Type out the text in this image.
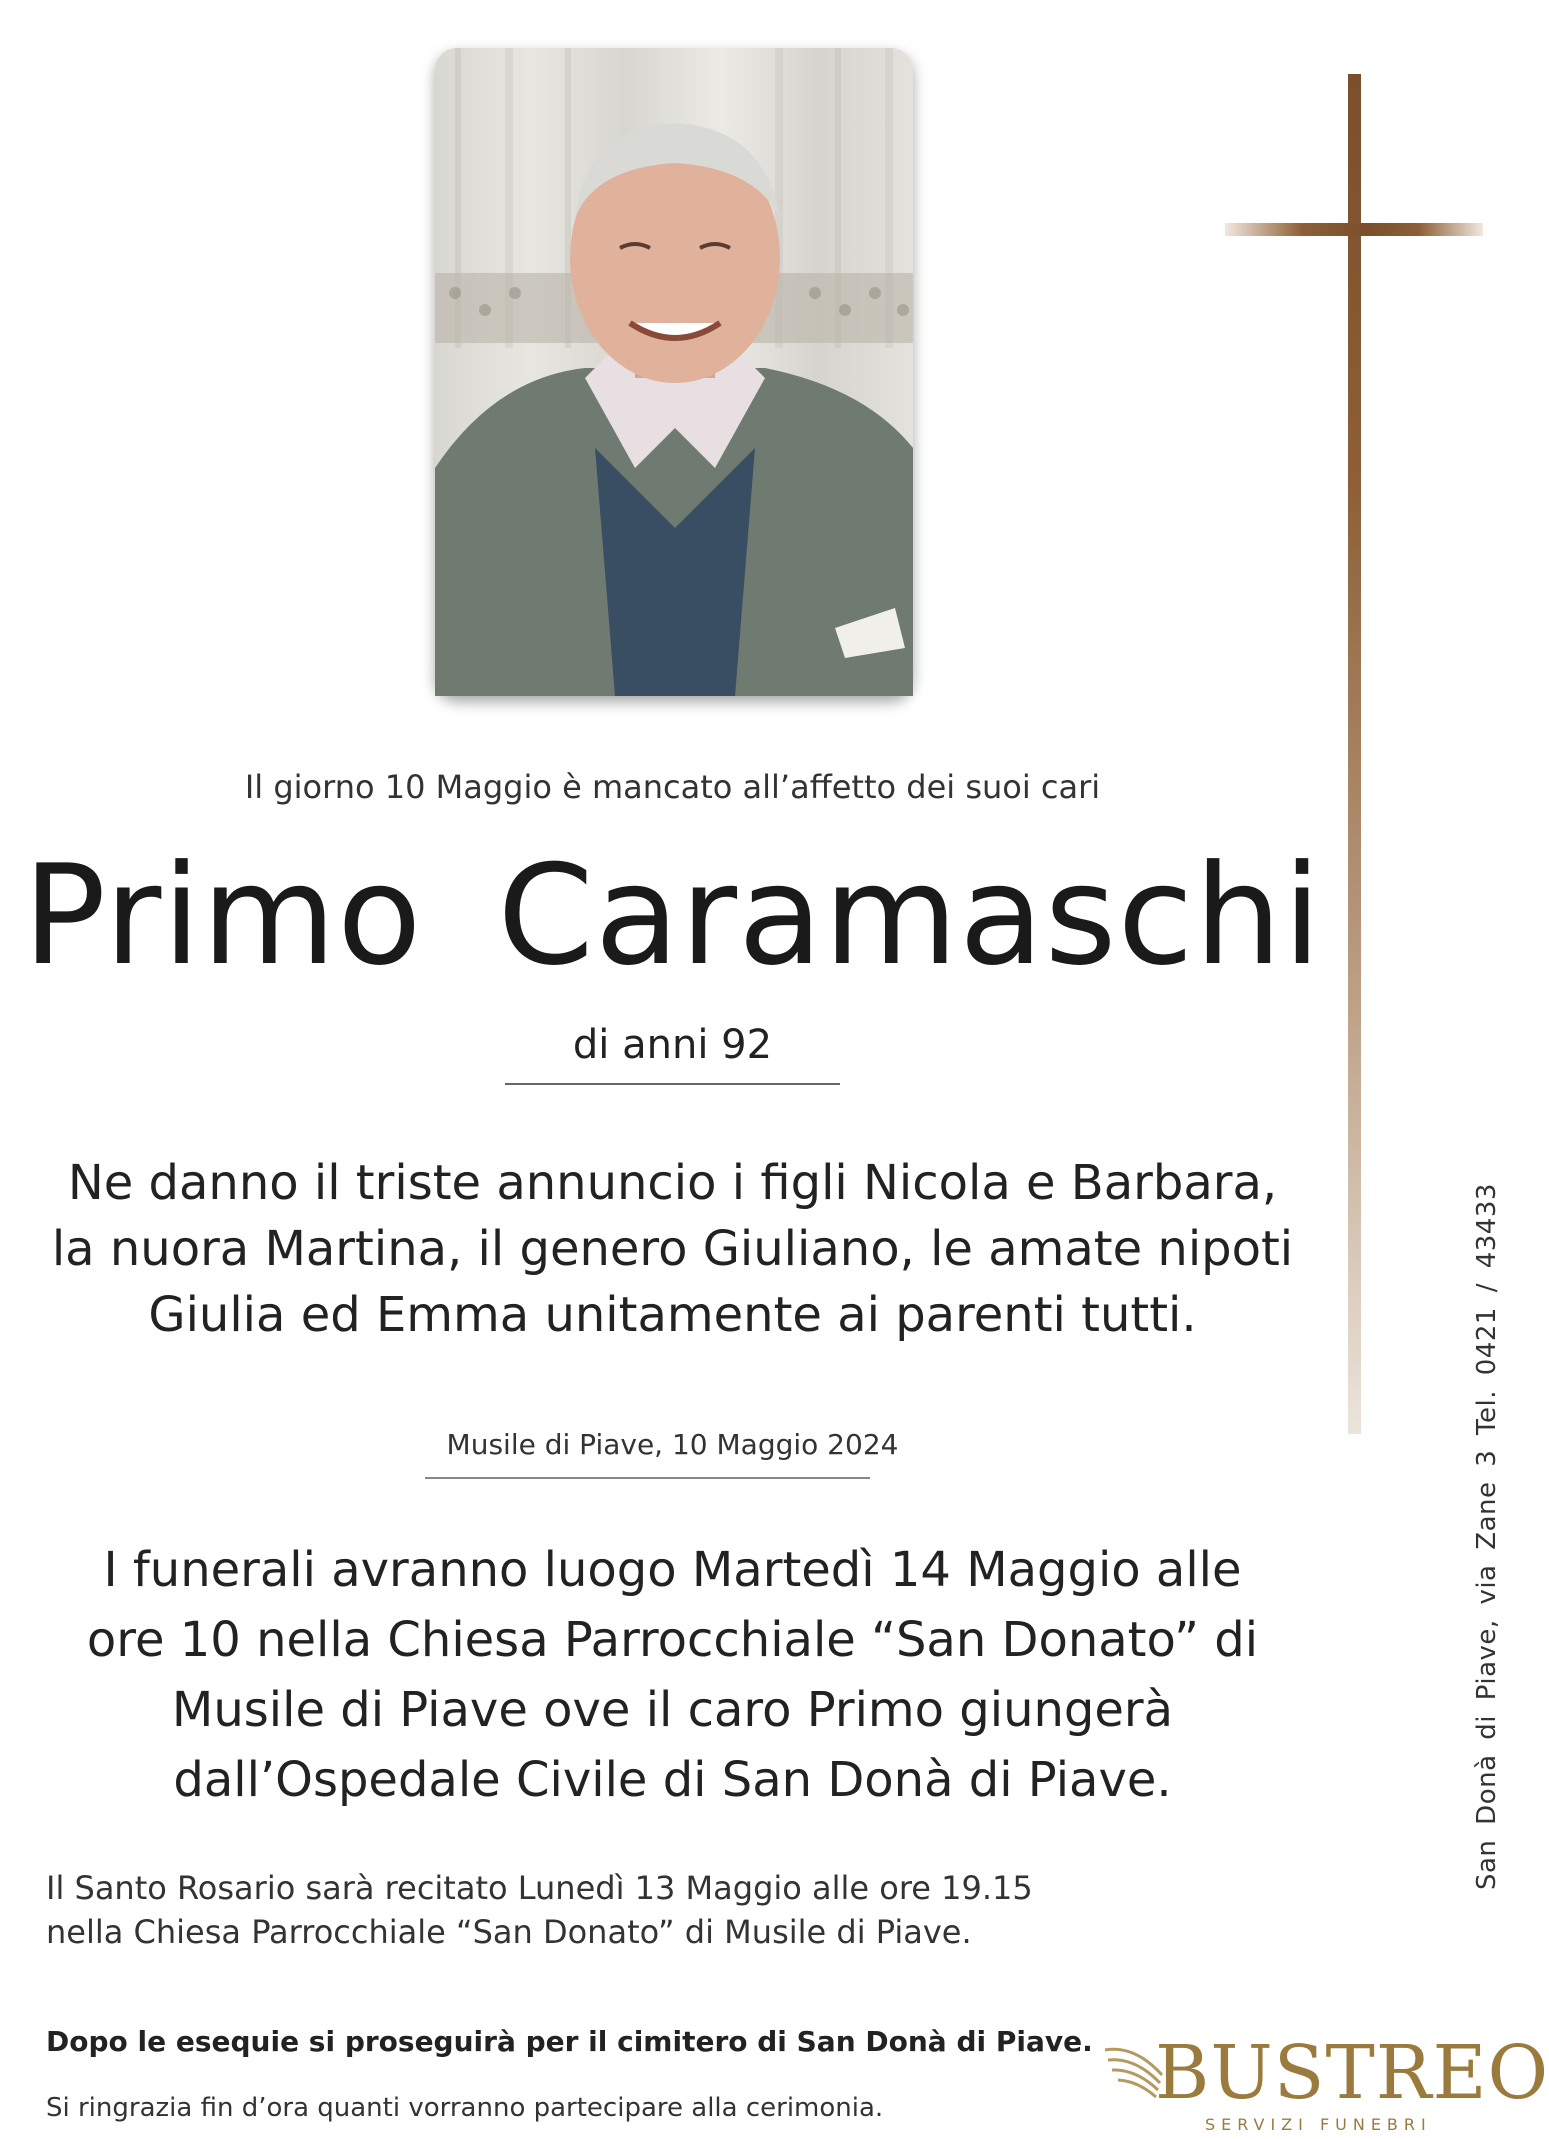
Il giorno 10 Maggio è mancato all’affetto dei suoi cari
Primo Caramaschi
di anni 92
Ne danno il triste annuncio i figli Nicola e Barbara,
la nuora Martina, il genero Giuliano, le amate nipoti
Giulia ed Emma unitamente ai parenti tutti.
Musile di Piave, 10 Maggio 2024
I funerali avranno luogo Martedì 14 Maggio alle
ore 10 nella Chiesa Parrocchiale “San Donato” di
Musile di Piave ove il caro Primo giungerà
dall’Ospedale Civile di San Donà di Piave.
Il Santo Rosario sarà recitato Lunedì 13 Maggio alle ore 19.15
nella Chiesa Parrocchiale “San Donato” di Musile di Piave.
Dopo le esequie si proseguirà per il cimitero di San Donà di Piave.
Si ringrazia fin d’ora quanti vorranno partecipare alla cerimonia.
San Donà di Piave, via Zane 3 Tel. 0421 / 43433
BUSTREO
SERVIZI FUNEBRI
